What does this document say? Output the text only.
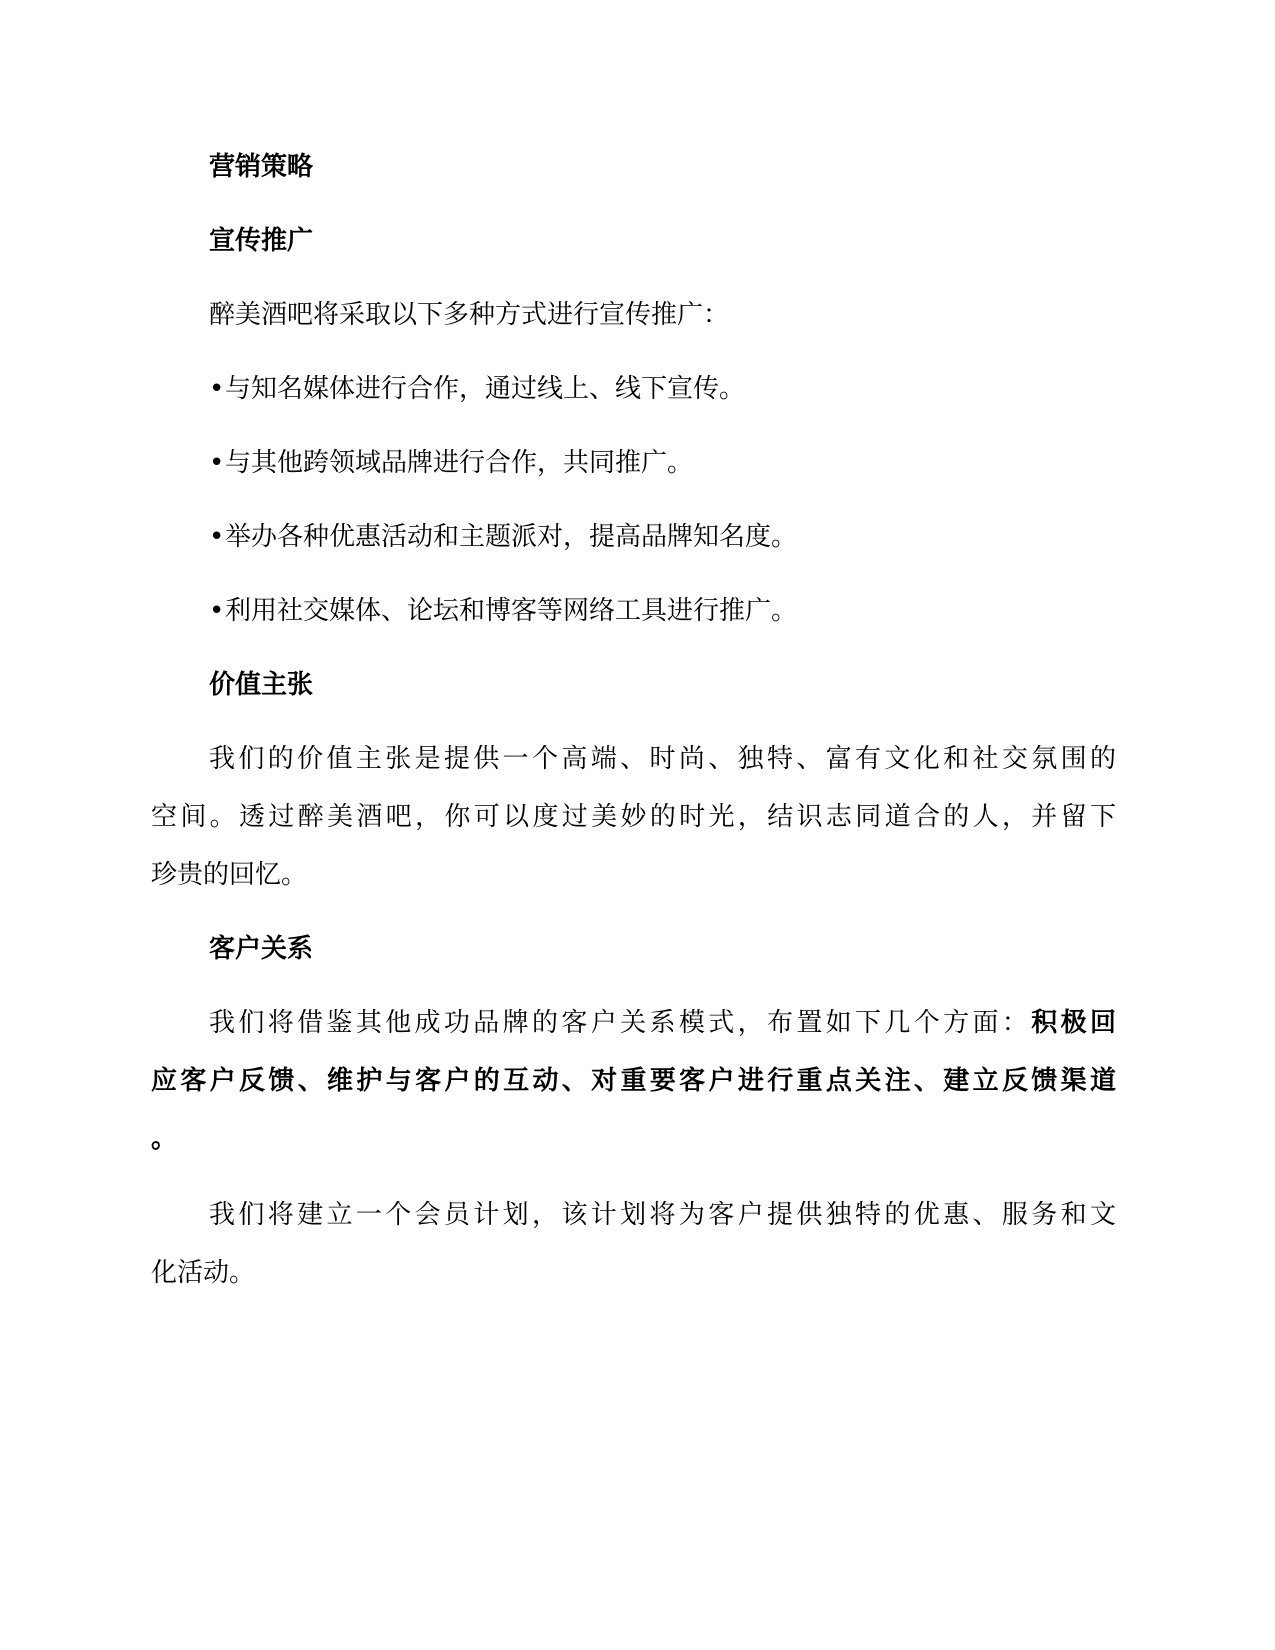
营销策略
宣传推广
醉美酒吧将采取以下多种方式进行宣传推广：
•与知名媒体进行合作，通过线上、线下宣传。
•与其他跨领域品牌进行合作，共同推广。
•举办各种优惠活动和主题派对，提高品牌知名度。
•利用社交媒体、论坛和博客等网络工具进行推广。
价值主张
我们的价值主张是提供一个高端、时尚、独特、富有文化和社交氛围的
空间。透过醉美酒吧，你可以度过美妙的时光，结识志同道合的人，并留下
珍贵的回忆。
客户关系
我们将借鉴其他成功品牌的客户关系模式，布置如下几个方面：积极回
应客户反馈、维护与客户的互动、对重要客户进行重点关注、建立反馈渠道
。
我们将建立一个会员计划，该计划将为客户提供独特的优惠、服务和文
化活动。
